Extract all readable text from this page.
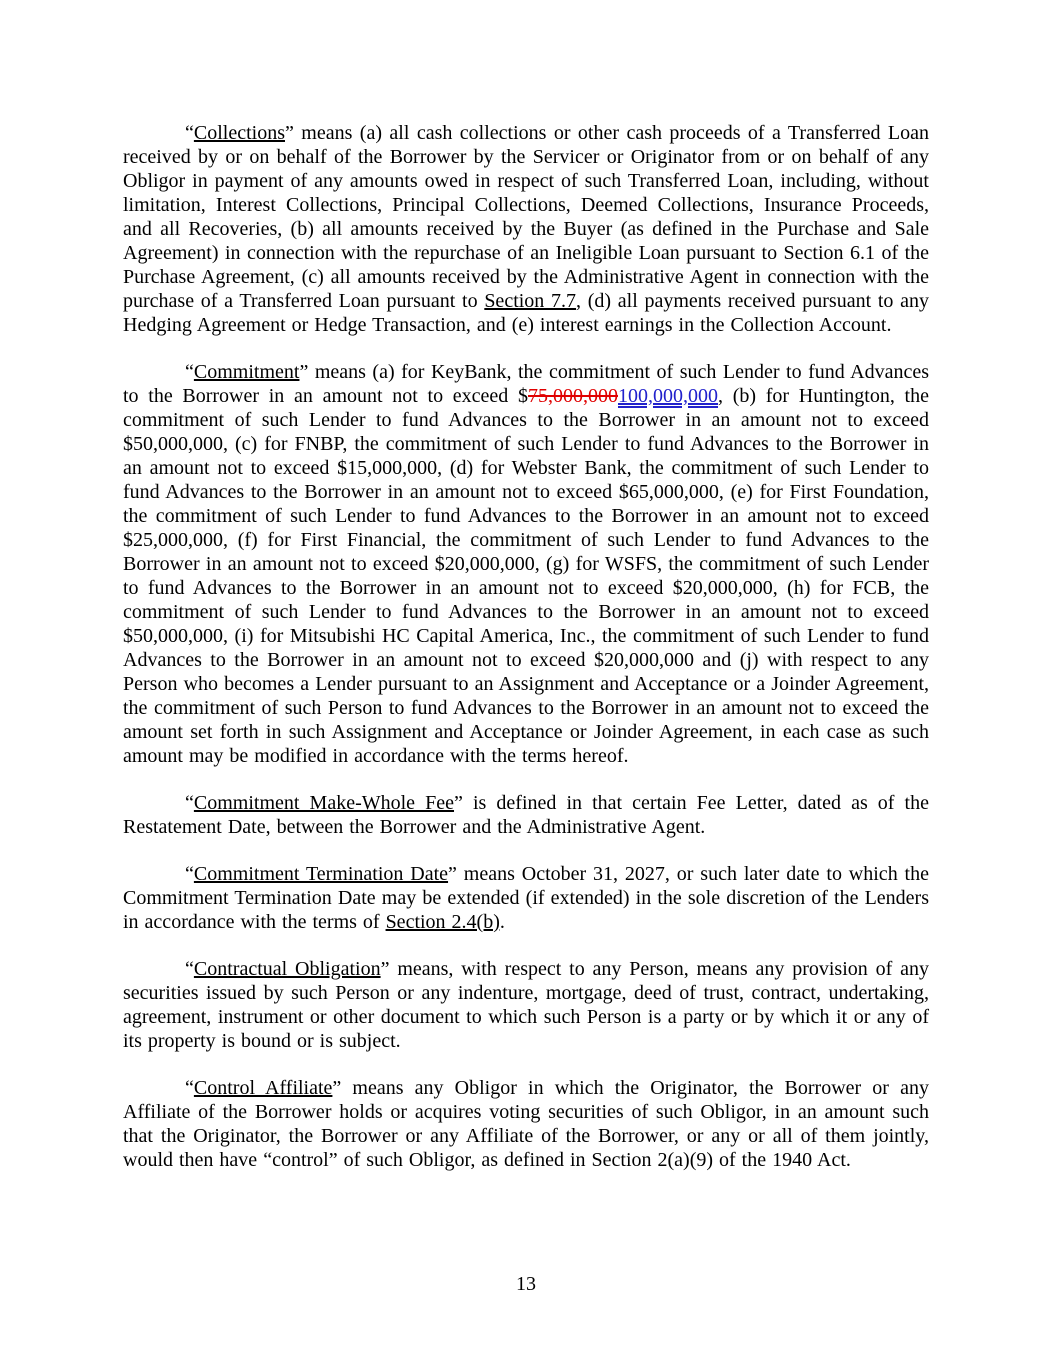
“Collections” means (a) all cash collections or other cash proceeds of a Transferred Loan received by or on behalf of the Borrower by the Servicer or Originator from or on behalf of any Obligor in payment of any amounts owed in respect of such Transferred Loan, including, without limitation, Interest Collections, Principal Collections, Deemed Collections, Insurance Proceeds, and all Recoveries, (b) all amounts received by the Buyer (as defined in the Purchase and Sale Agreement) in connection with the repurchase of an Ineligible Loan pursuant to Section 6.1 of the Purchase Agreement, (c) all amounts received by the Administrative Agent in connection with the purchase of a Transferred Loan pursuant to Section 7.7, (d) all payments received pursuant to any Hedging Agreement or Hedge Transaction, and (e) interest earnings in the Collection Account.

“Commitment” means (a) for KeyBank, the commitment of such Lender to fund Advances to the Borrower in an amount not to exceed $75,000,000100,000,000, (b) for Huntington, the commitment of such Lender to fund Advances to the Borrower in an amount not to exceed $50,000,000, (c) for FNBP, the commitment of such Lender to fund Advances to the Borrower in an amount not to exceed $15,000,000, (d) for Webster Bank, the commitment of such Lender to fund Advances to the Borrower in an amount not to exceed $65,000,000, (e) for First Foundation, the commitment of such Lender to fund Advances to the Borrower in an amount not to exceed $25,000,000, (f) for First Financial, the commitment of such Lender to fund Advances to the Borrower in an amount not to exceed $20,000,000, (g) for WSFS, the commitment of such Lender to fund Advances to the Borrower in an amount not to exceed $20,000,000, (h) for FCB, the commitment of such Lender to fund Advances to the Borrower in an amount not to exceed $50,000,000, (i) for Mitsubishi HC Capital America, Inc., the commitment of such Lender to fund Advances to the Borrower in an amount not to exceed $20,000,000 and (j) with respect to any Person who becomes a Lender pursuant to an Assignment and Acceptance or a Joinder Agreement, the commitment of such Person to fund Advances to the Borrower in an amount not to exceed the amount set forth in such Assignment and Acceptance or Joinder Agreement, in each case as such amount may be modified in accordance with the terms hereof.

“Commitment Make-Whole Fee” is defined in that certain Fee Letter, dated as of the Restatement Date, between the Borrower and the Administrative Agent.

“Commitment Termination Date” means October 31, 2027, or such later date to which the Commitment Termination Date may be extended (if extended) in the sole discretion of the Lenders in accordance with the terms of Section 2.4(b).

“Contractual Obligation” means, with respect to any Person, means any provision of any securities issued by such Person or any indenture, mortgage, deed of trust, contract, undertaking, agreement, instrument or other document to which such Person is a party or by which it or any of its property is bound or is subject.

“Control Affiliate” means any Obligor in which the Originator, the Borrower or any Affiliate of the Borrower holds or acquires voting securities of such Obligor, in an amount such that the Originator, the Borrower or any Affiliate of the Borrower, or any or all of them jointly, would then have “control” of such Obligor, as defined in Section 2(a)(9) of the 1940 Act.

13
